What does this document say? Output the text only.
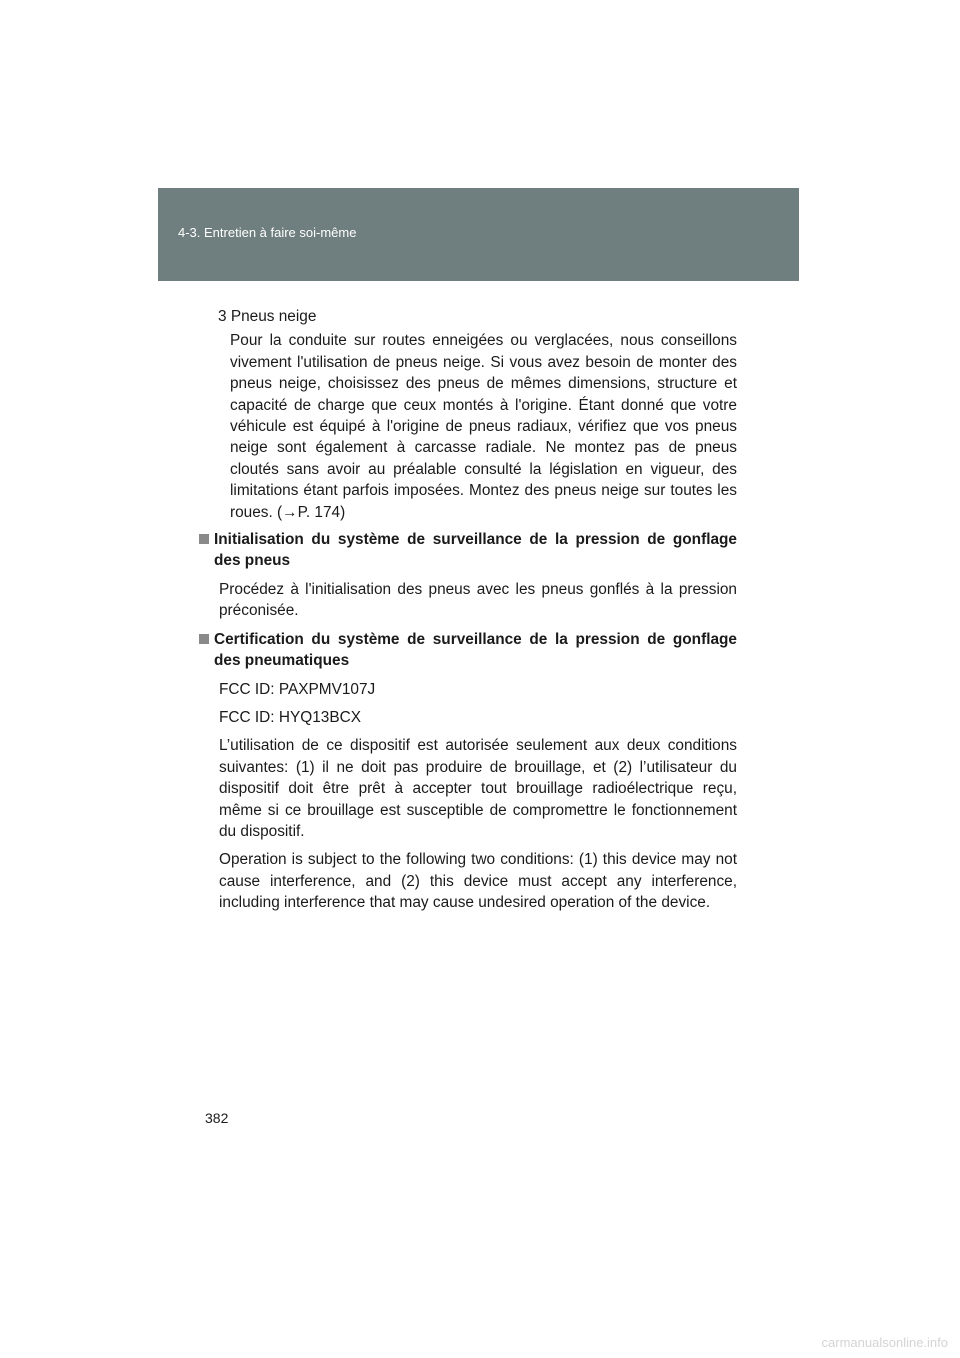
4-3. Entretien à faire soi-même

3 Pneus neige

Pour la conduite sur routes enneigées ou verglacées, nous conseillons vivement l'utilisation de pneus neige. Si vous avez besoin de monter des pneus neige, choisissez des pneus de mêmes dimensions, structure et capacité de charge que ceux montés à l'origine. Étant donné que votre véhicule est équipé à l'origine de pneus radiaux, vérifiez que vos pneus neige sont également à carcasse radiale. Ne montez pas de pneus cloutés sans avoir au préalable consulté la législation en vigueur, des limitations étant parfois imposées. Montez des pneus neige sur toutes les roues. (→P. 174)

Initialisation du système de surveillance de la pression de gonflage des pneus

Procédez à l'initialisation des pneus avec les pneus gonflés à la pression préconisée.

Certification du système de surveillance de la pression de gonflage des pneumatiques

FCC ID: PAXPMV107J

FCC ID: HYQ13BCX

L’utilisation de ce dispositif est autorisée seulement aux deux conditions suivantes: (1) il ne doit pas produire de brouillage, et (2) l’utilisateur du dispositif doit être prêt à accepter tout brouillage radioélectrique reçu, même si ce brouillage est susceptible de compromettre le fonctionnement du dispositif.

Operation is subject to the following two conditions: (1) this device may not cause interference, and (2) this device must accept any interference, including interference that may cause undesired operation of the device.

382
carmanualsonline.info
